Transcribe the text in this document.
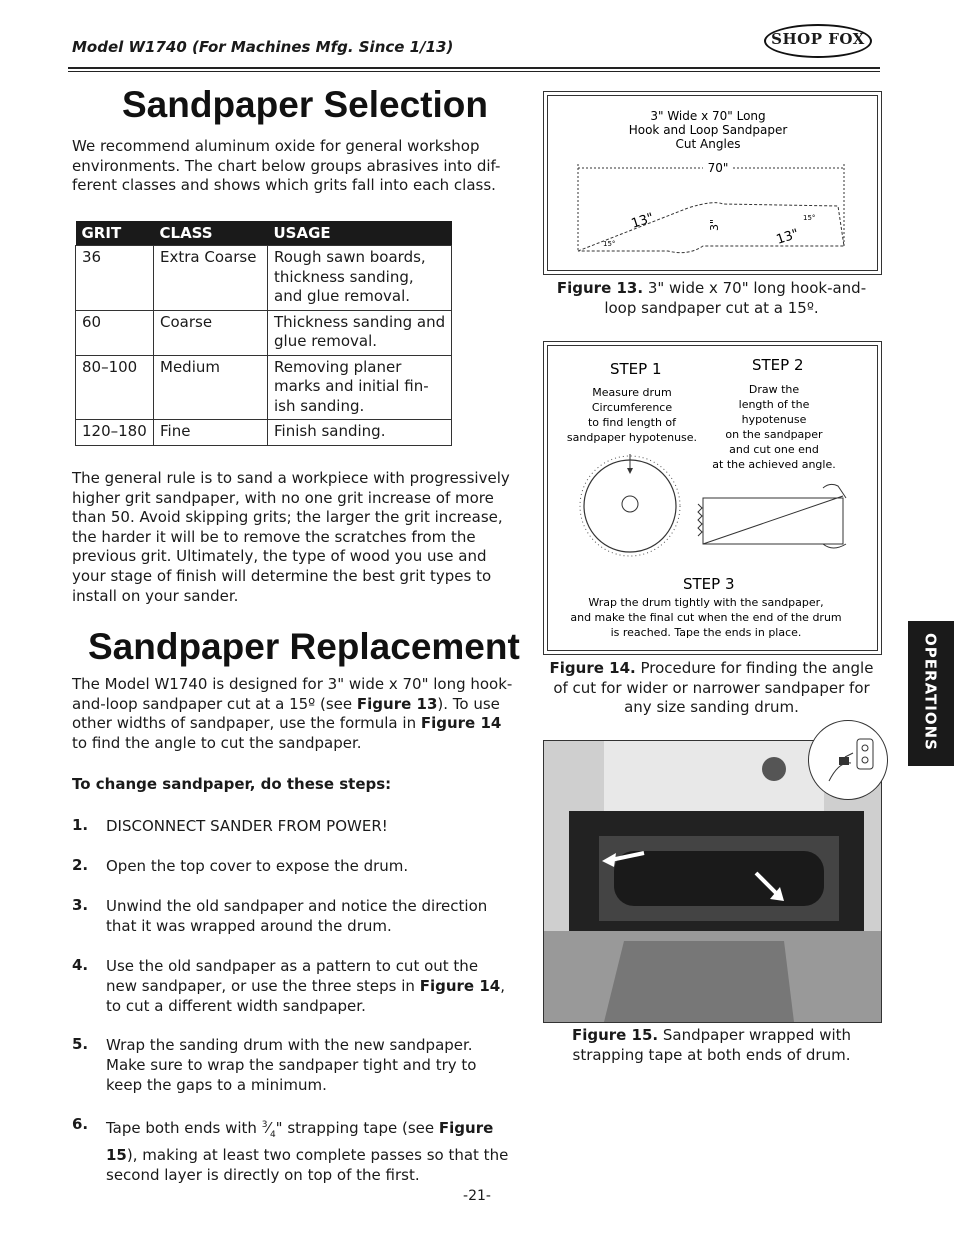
Model W1740 (For Machines Mfg. Since 1/13)	SHOP FOX
Sandpaper Selection
We recommend aluminum oxide for general workshop
environments. The chart below groups abrasives into dif-
ferent classes and shows which grits fall into each class.
GRIT	CLASS	USAGE
36	Extra Coarse	Rough sawn boards,
thickness sanding,
and glue removal.

60	Coarse	Thickness sanding and
glue removal.

80–100	Medium	Removing planer
marks and initial fin-
ish sanding.

120–180	Fine	Finish sanding.
The general rule is to sand a workpiece with progressively
higher grit sandpaper, with no one grit increase of more
than 50. Avoid skipping grits; the larger the grit increase,
the harder it will be to remove the scratches from the
previous grit. Ultimately, the type of wood you use and
your stage of finish will determine the best grit types to
install on your sander.
Sandpaper Replacement
The Model W1740 is designed for 3" wide x 70" long hook-
and-loop sandpaper cut at a 15º (see Figure 13). To use
other widths of sandpaper, use the formula in Figure 14
to find the angle to cut the sandpaper.
To change sandpaper, do these steps:
1. DISCONNECT SANDER FROM POWER!
2. Open the top cover to expose the drum.
3. Unwind the old sandpaper and notice the direction
that it was wrapped around the drum.
4. Use the old sandpaper as a pattern to cut out the
new sandpaper, or use the three steps in Figure 14,
to cut a different width sandpaper.
5. Wrap the sanding drum with the new sandpaper.
Make sure to wrap the sandpaper tight and try to
keep the gaps to a minimum.
6. Tape both ends with $^3⁄_4$" strapping tape (see Figure
15), making at least two complete passes so that the
second layer is directly on top of the first.
3" Wide x 70" Long
Hook and Loop Sandpaper
Cut Angles
70"
13"
13"
3"
15°
15°
Figure 13. 3" wide x 70" long hook-and-
loop sandpaper cut at a 15º.
STEP 1
Measure drum
Circumference
to find length of
sandpaper hypotenuse.
STEP 2
Draw the
length of the
hypotenuse
on the sandpaper
and cut one end
at the achieved angle.
STEP 3
Wrap the drum tightly with the sandpaper,
and make the final cut when the end of the drum
is reached. Tape the ends in place.
Figure 14. Procedure for finding the angle
of cut for wider or narrower sandpaper for
any size sanding drum.
Figure 15. Sandpaper wrapped with
strapping tape at both ends of drum.
OPERATIONS
-21-
